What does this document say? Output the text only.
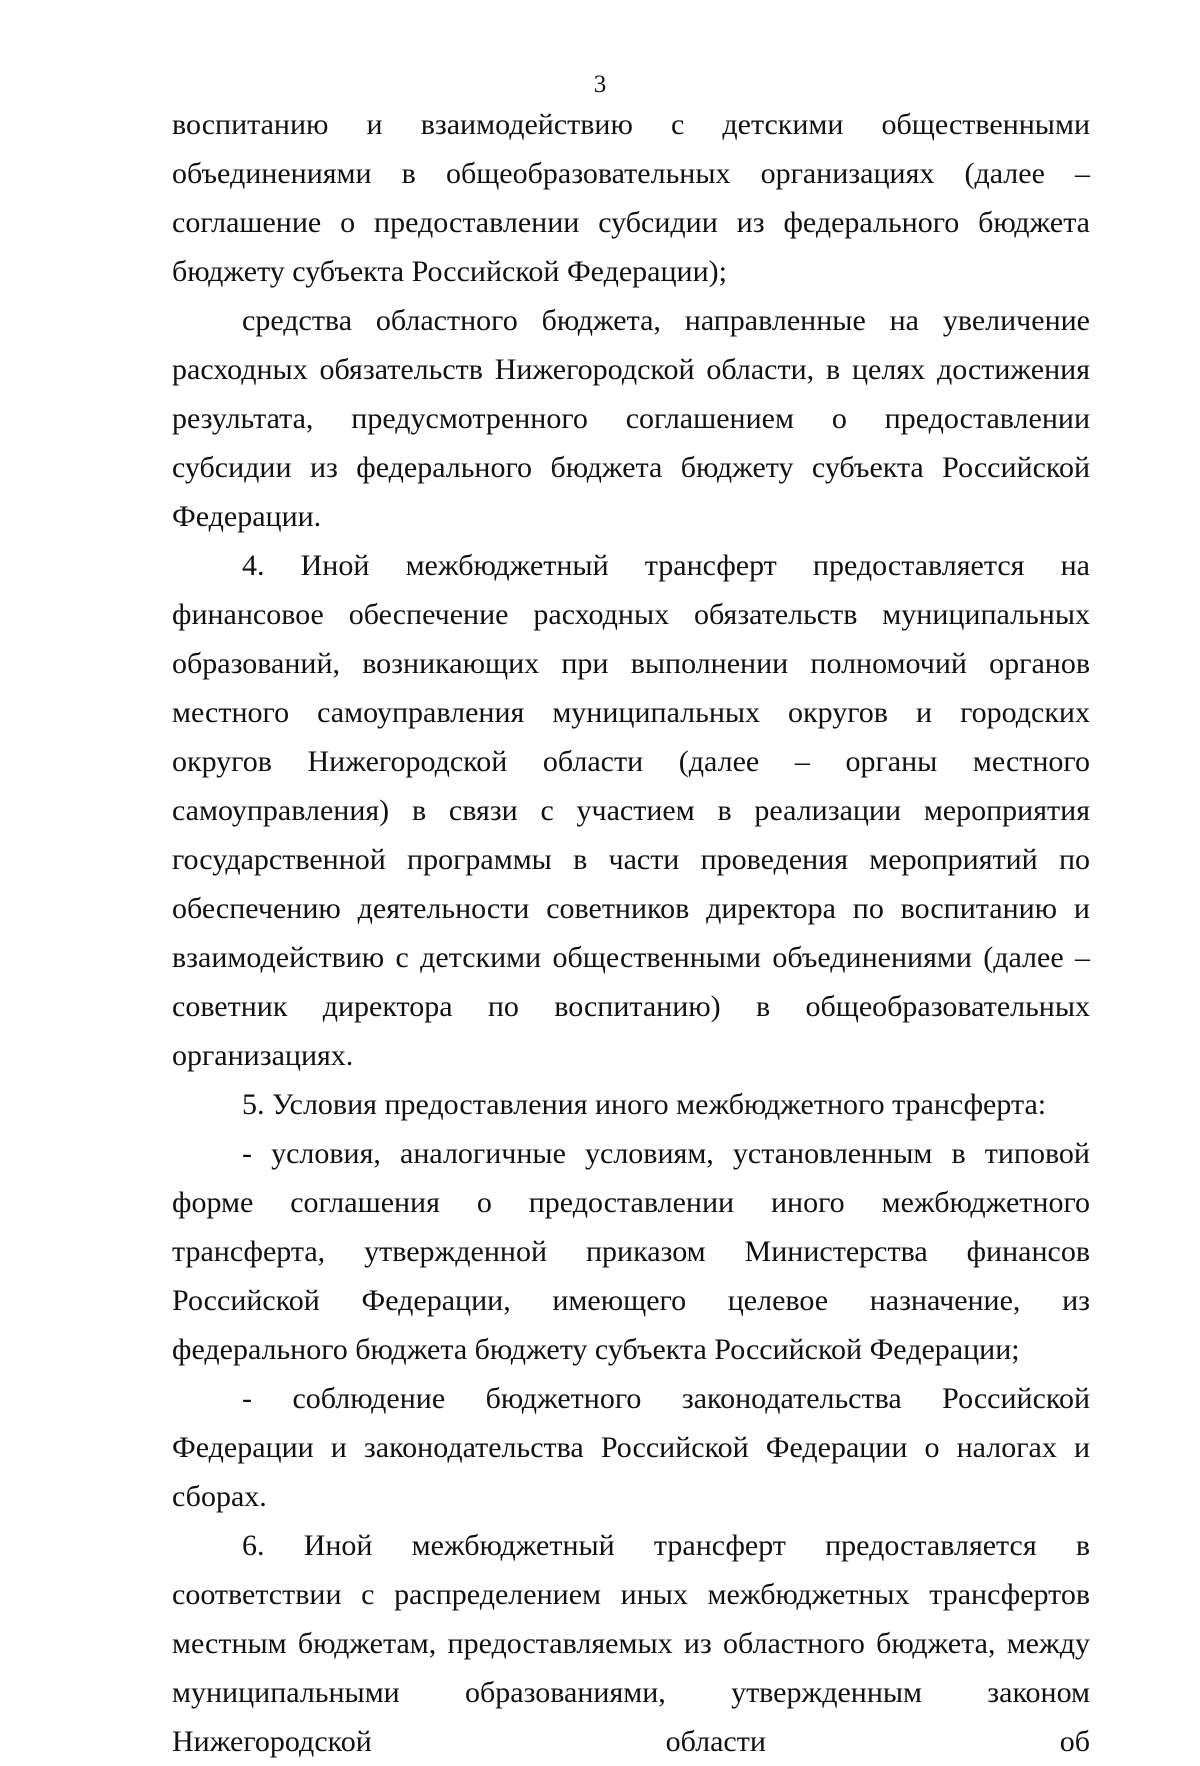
3

воспитанию и взаимодействию с детскими общественными объединениями в общеобразовательных организациях (далее – соглашение о предоставлении субсидии из федерального бюджета бюджету субъекта Российской Федерации);

средства областного бюджета, направленные на увеличение расходных обязательств Нижегородской области, в целях достижения результата, предусмотренного соглашением о предоставлении субсидии из федерального бюджета бюджету субъекта Российской Федерации.

4. Иной межбюджетный трансферт предоставляется на финансовое обеспечение расходных обязательств муниципальных образований, возникающих при выполнении полномочий органов местного самоуправления муниципальных округов и городских округов Нижегородской области (далее – органы местного самоуправления) в связи с участием в реализации мероприятия государственной программы в части проведения мероприятий по обеспечению деятельности советников директора по воспитанию и взаимодействию с детскими общественными объединениями (далее – советник директора по воспитанию) в общеобразовательных организациях.

5. Условия предоставления иного межбюджетного трансферта:

- условия, аналогичные условиям, установленным в типовой форме соглашения о предоставлении иного межбюджетного трансферта, утвержденной приказом Министерства финансов Российской Федерации, имеющего целевое назначение, из федерального бюджета бюджету субъекта Российской Федерации;

- соблюдение бюджетного законодательства Российской Федерации и законодательства Российской Федерации о налогах и сборах.

6. Иной межбюджетный трансферт предоставляется в соответствии с распределением иных межбюджетных трансфертов местным бюджетам, предоставляемых из областного бюджета, между муниципальными образованиями, утвержденным законом Нижегородской области об
